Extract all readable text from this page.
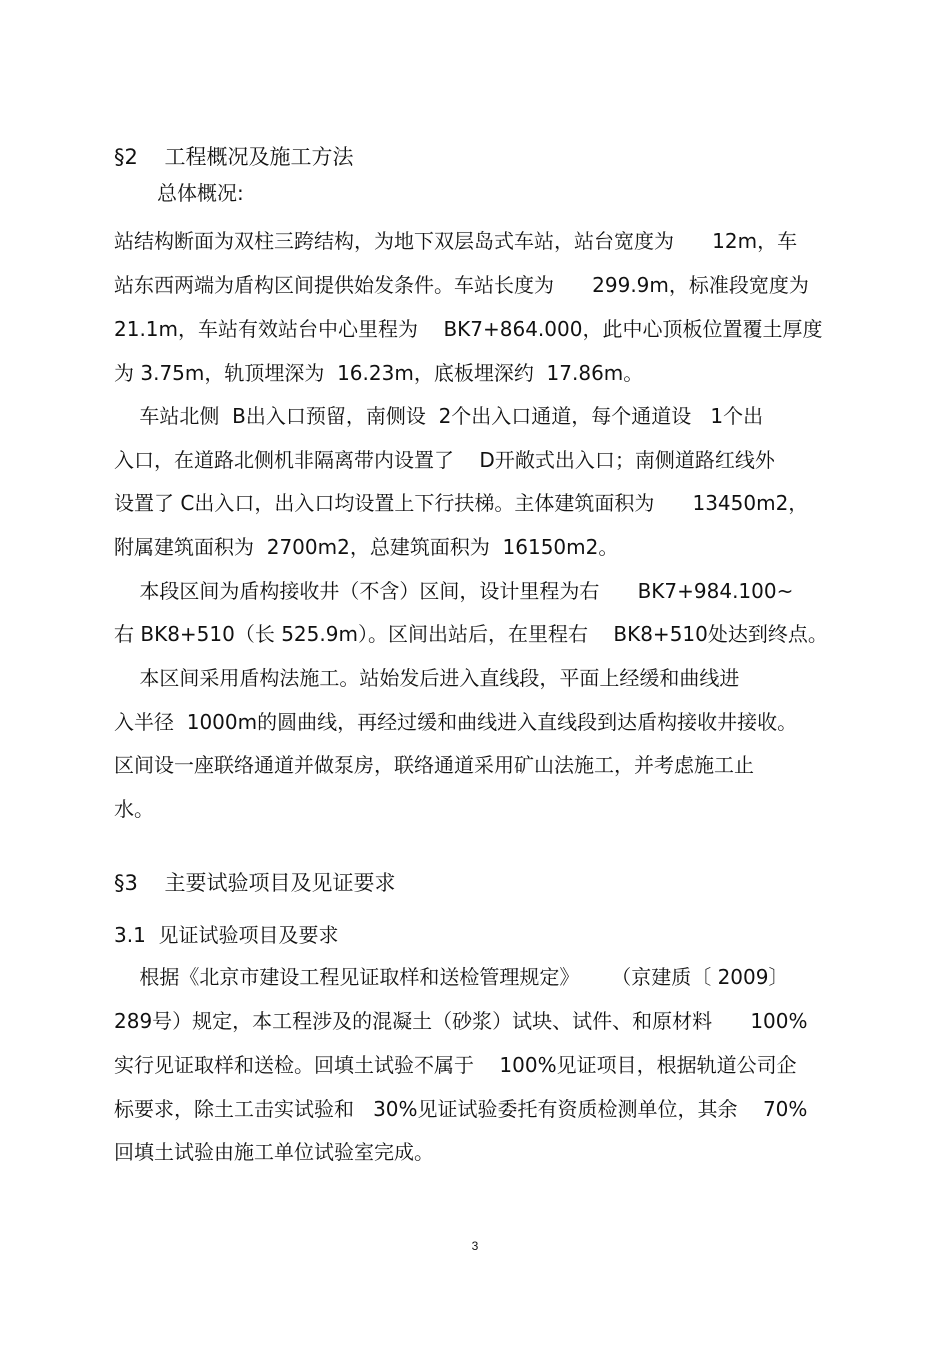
§2    工程概况及施工方法

总体概况:

站结构断面为双柱三跨结构，为地下双层岛式车站，站台宽度为      12m，车

站东西两端为盾构区间提供始发条件。车站长度为      299.9m，标准段宽度为

21.1m，车站有效站台中心里程为    BK7+864.000，此中心顶板位置覆土厚度

为 3.75m，轨顶埋深为  16.23m，底板埋深约  17.86m。

车站北侧  B出入口预留，南侧设  2个出入口通道，每个通道设   1个出

入口，在道路北侧机非隔离带内设置了    D开敞式出入口；南侧道路红线外

设置了 C出入口，出入口均设置上下行扶梯。主体建筑面积为      13450m2，

附属建筑面积为  2700m2，总建筑面积为  16150m2。

本段区间为盾构接收井（不含）区间，设计里程为右      BK7+984.100~

右 BK8+510（长 525.9m）。区间出站后，在里程右    BK8+510处达到终点。

本区间采用盾构法施工。站始发后进入直线段，平面上经缓和曲线进

入半径  1000m的圆曲线，再经过缓和曲线进入直线段到达盾构接收井接收。

区间设一座联络通道并做泵房，联络通道采用矿山法施工，并考虑施工止

水。

§3    主要试验项目及见证要求

3.1  见证试验项目及要求

根据《北京市建设工程见证取样和送检管理规定》     （京建质〔 2009〕

289号）规定，本工程涉及的混凝土（砂浆）试块、试件、和原材料      100%

实行见证取样和送检。回填土试验不属于    100%见证项目，根据轨道公司企

标要求，除土工击实试验和   30%见证试验委托有资质检测单位，其余    70%

回填土试验由施工单位试验室完成。

3
